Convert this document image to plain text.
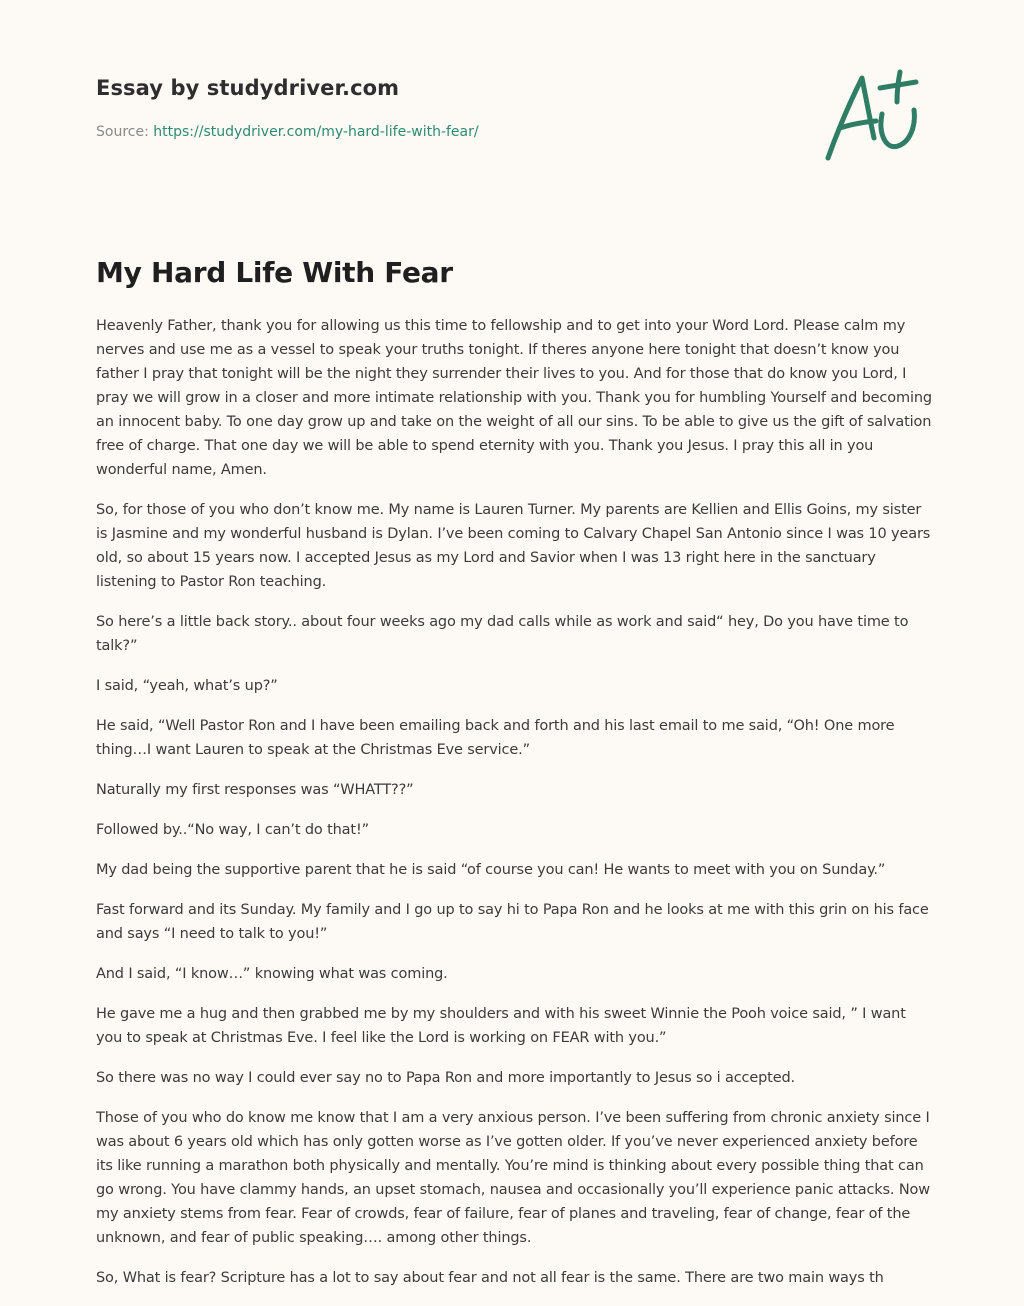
Essay by studydriver.com
Source: https://studydriver.com/my-hard-life-with-fear/
My Hard Life With Fear

Heavenly Father, thank you for allowing us this time to fellowship and to get into your Word Lord. Please calm my nerves and use me as a vessel to speak your truths tonight. If theres anyone here tonight that doesn’t know you father I pray that tonight will be the night they surrender their lives to you. And for those that do know you Lord, I pray we will grow in a closer and more intimate relationship with you. Thank you for humbling Yourself and becoming an innocent baby. To one day grow up and take on the weight of all our sins. To be able to give us the gift of salvation free of charge. That one day we will be able to spend eternity with you. Thank you Jesus. I pray this all in you wonderful name, Amen.

So, for those of you who don’t know me. My name is Lauren Turner. My parents are Kellien and Ellis Goins, my sister is Jasmine and my wonderful husband is Dylan. I’ve been coming to Calvary Chapel San Antonio since I was 10 years old, so about 15 years now. I accepted Jesus as my Lord and Savior when I was 13 right here in the sanctuary listening to Pastor Ron teaching.

So here’s a little back story.. about four weeks ago my dad calls while as work and said“ hey, Do you have time to talk?”

I said, “yeah, what’s up?”

He said, “Well Pastor Ron and I have been emailing back and forth and his last email to me said, “Oh! One more thing…I want Lauren to speak at the Christmas Eve service.”

Naturally my first responses was “WHATT??”

Followed by..“No way, I can’t do that!”

My dad being the supportive parent that he is said “of course you can! He wants to meet with you on Sunday.”

Fast forward and its Sunday. My family and I go up to say hi to Papa Ron and he looks at me with this grin on his face and says “I need to talk to you!”

And I said, “I know…” knowing what was coming.

He gave me a hug and then grabbed me by my shoulders and with his sweet Winnie the Pooh voice said, ” I want you to speak at Christmas Eve. I feel like the Lord is working on FEAR with you.”

So there was no way I could ever say no to Papa Ron and more importantly to Jesus so i accepted.

Those of you who do know me know that I am a very anxious person. I’ve been suffering from chronic anxiety since I was about 6 years old which has only gotten worse as I’ve gotten older. If you’ve never experienced anxiety before its like running a marathon both physically and mentally. You’re mind is thinking about every possible thing that can go wrong. You have clammy hands, an upset stomach, nausea and occasionally you’ll experience panic attacks. Now my anxiety stems from fear. Fear of crowds, fear of failure, fear of planes and traveling, fear of change, fear of the unknown, and fear of public speaking…. among other things.

So, What is fear? Scripture has a lot to say about fear and not all fear is the same. There are two main ways th
